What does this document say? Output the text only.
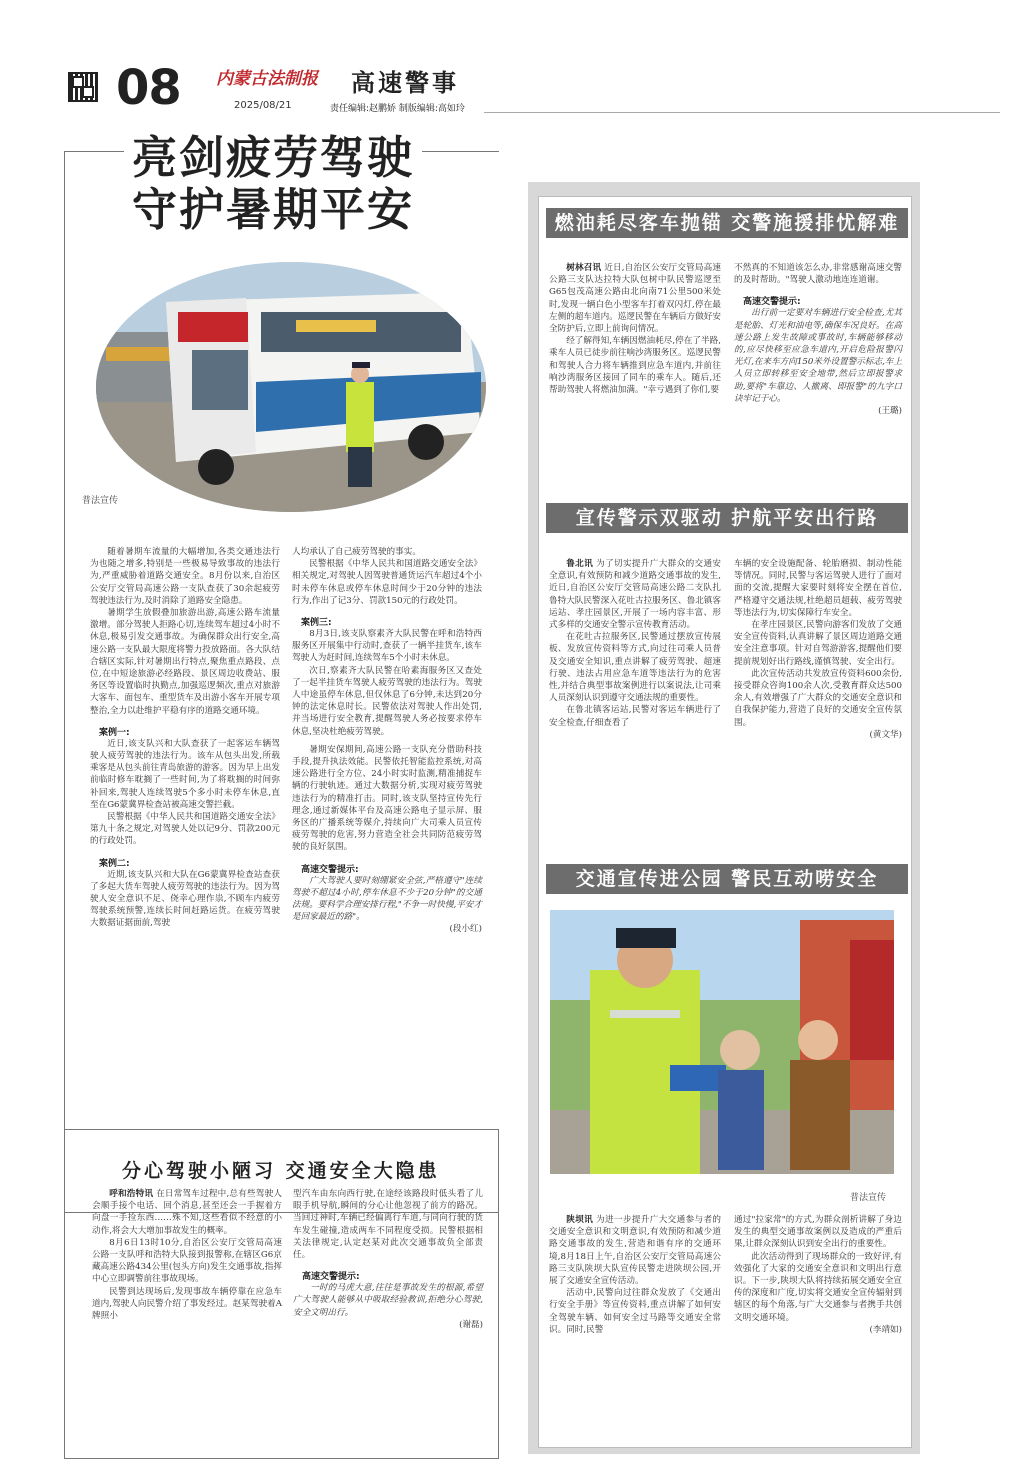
08 内蒙古法制报
2025/08/21
高速警事
责任编辑:赵鹏娇 制版编辑:高如玲
亮剑疲劳驾驶
守护暑期平安
普法宣传

随着暑期车流量的大幅增加,各类交通违法行为也随之增多,特别是一些极易导致事故的违法行为,严重威胁着道路交通安全。8月份以来,自治区公安厅交管局高速公路一支队查获了30余起疲劳驾驶违法行为,及时消除了道路安全隐患。

暑期学生放假叠加旅游出游,高速公路车流量激增。部分驾驶人拒路心切,连续驾车超过4小时不休息,极易引发交通事故。为确保群众出行安全,高速公路一支队最大限度将警力投放路面。各大队结合辖区实际,针对暑期出行特点,聚焦重点路段、点位,在中短途旅游必经路段、景区周边收费站、服务区等设置临时执勤点,加强巡逻频次,重点对旅游大客车、面包车、重型货车及出游小客车开展专项整治,全力以赴维护平稳有序的道路交通环境。

案例一:

近日,该支队兴和大队查获了一起客运车辆驾驶人疲劳驾驶的违法行为。该车从包头出发,所载乘客是从包头前往青岛旅游的游客。因为早上出发前临时修车耽搁了一些时间,为了将耽搁的时间弥补回来,驾驶人连续驾驶5个多小时未停车休息,直至在G6蒙冀界检查站被高速交警拦截。

民警根据《中华人民共和国道路交通安全法》第九十条之规定,对驾驶人处以记9分、罚款200元的行政处罚。

案例二:

近期,该支队兴和大队在G6蒙冀界检查站查获了多起大货车驾驶人疲劳驾驶的违法行为。因为驾驶人安全意识不足、侥幸心理作祟,不顾车内疲劳驾驶系统预警,连续长时间赶路运货。在疲劳驾驶大数据证据面前,驾驶

人均承认了自己疲劳驾驶的事实。

民警根据《中华人民共和国道路交通安全法》相关规定,对驾驶人因驾驶普通货运汽车超过4个小时未停车休息或停车休息时间少于20分钟的违法行为,作出了记3分、罚款150元的行政处罚。

案例三:

8月3日,该支队察素齐大队民警在呼和浩特西服务区开展集中行动时,查获了一辆半挂货车,该车驾驶人为赶时间,连续驾车5个小时未休息。

次日,察素齐大队民警在哈素海服务区又查处了一起半挂货车驾驶人疲劳驾驶的违法行为。驾驶人中途虽停车休息,但仅休息了6分钟,未达到20分钟的法定休息时长。民警依法对驾驶人作出处罚,并当场进行安全教育,提醒驾驶人务必按要求停车休息,坚决杜绝疲劳驾驶。

暑期安保期间,高速公路一支队充分借助科技手段,提升执法效能。民警依托智能监控系统,对高速公路进行全方位、24小时实时监测,精准捕捉车辆的行驶轨迹。通过大数据分析,实现对疲劳驾驶违法行为的精准打击。同时,该支队坚持宣传先行理念,通过新媒体平台及高速公路电子显示屏、服务区的广播系统等媒介,持续向广大司乘人员宣传疲劳驾驶的危害,努力营造全社会共同防范疲劳驾驶的良好氛围。

高速交警提示:

广大驾驶人要时刻绷紧安全弦,严格遵守"连续驾驶不超过4小时,停车休息不少于20分钟"的交通法规。要科学合理安排行程,"不争一时快慢,平安才是回家最近的路"。

(段小红)

燃油耗尽客车抛锚 交警施援排忧解难

树林召讯 近日,自治区公安厅交管局高速公路三支队达拉特大队包树中队民警巡逻至G65包茂高速公路由北向南71公里500米处时,发现一辆白色小型客车打着双闪灯,停在最左侧的超车道内。巡逻民警在车辆后方做好安全防护后,立即上前询问情况。

经了解得知,车辆因燃油耗尽,停在了半路,乘车人员已徒步前往响沙湾服务区。巡逻民警和驾驶人合力将车辆推到应急车道内,并前往响沙湾服务区接回了同车的乘车人。随后,还帮助驾驶人将燃油加满。"幸亏遇到了你们,要

不然真的不知道该怎么办,非常感谢高速交警的及时帮助。"驾驶人激动地连连道谢。

高速交警提示:

出行前一定要对车辆进行安全检查,尤其是轮胎、灯光和油电等,确保车况良好。在高速公路上发生故障或事故时,车辆能够移动的,应尽快移至应急车道内,开启危险报警闪光灯,在来车方向150米外设置警示标志,车上人员立即转移至安全地带,然后立即报警求助,要将"车靠边、人撤离、即报警"的九字口诀牢记于心。

(王璐)

宣传警示双驱动 护航平安出行路

鲁北讯 为了切实提升广大群众的交通安全意识,有效预防和减少道路交通事故的发生,近日,自治区公安厅交管局高速公路二支队扎鲁特大队民警深入花吐古拉服务区、鲁北镇客运站、孝庄园景区,开展了一场内容丰富、形式多样的交通安全警示宣传教育活动。

在花吐古拉服务区,民警通过摆放宣传展板、发放宣传资料等方式,向过往司乘人员普及交通安全知识,重点讲解了疲劳驾驶、超速行驶、违法占用应急车道等违法行为的危害性,并结合典型事故案例进行以案说法,让司乘人员深刻认识到遵守交通法规的重要性。

在鲁北镇客运站,民警对客运车辆进行了安全检查,仔细查看了

车辆的安全设施配备、轮胎磨损、制动性能等情况。同时,民警与客运驾驶人进行了面对面的交流,提醒大家要时刻将安全摆在首位,严格遵守交通法规,杜绝超员超载、疲劳驾驶等违法行为,切实保障行车安全。

在孝庄园景区,民警向游客们发放了交通安全宣传资料,认真讲解了景区周边道路交通安全注意事项。针对自驾游游客,提醒他们要提前规划好出行路线,谨慎驾驶、安全出行。

此次宣传活动共发放宣传资料600余份,接受群众咨询100余人次,受教育群众达500余人,有效增强了广大群众的交通安全意识和自我保护能力,营造了良好的交通安全宣传氛围。

(黄文华)

交通宣传进公园 警民互动唠安全
普法宣传

陕坝讯 为进一步提升广大交通参与者的交通安全意识和文明意识,有效预防和减少道路交通事故的发生,营造和谐有序的交通环境,8月18日上午,自治区公安厅交管局高速公路三支队陕坝大队宣传民警走进陕坝公园,开展了交通安全宣传活动。

活动中,民警向过往群众发放了《交通出行安全手册》等宣传资料,重点讲解了如何安全驾驶车辆、如何安全过马路等交通安全常识。同时,民警

通过"拉家常"的方式,为群众剖析讲解了身边发生的典型交通事故案例以及造成的严重后果,让群众深刻认识到安全出行的重要性。

此次活动得到了现场群众的一致好评,有效强化了大家的交通安全意识和文明出行意识。下一步,陕坝大队将持续拓展交通安全宣传的深度和广度,切实将交通安全宣传辐射到辖区的每个角落,与广大交通参与者携手共创文明交通环境。

(李靖如)

分心驾驶小陋习 交通安全大隐患

呼和浩特讯 在日常驾车过程中,总有些驾驶人会顺手接个电话、回个消息,甚至还会一手握着方向盘一手捡东西……殊不知,这些看似不经意的小动作,将会大大增加事故发生的概率。

8月6日13时10分,自治区公安厅交管局高速公路一支队呼和浩特大队接到报警称,在辖区G6京藏高速公路434公里(包头方向)发生交通事故,指挥中心立即调警前往事故现场。

民警到达现场后,发现事故车辆停靠在应急车道内,驾驶人向民警介绍了事发经过。赵某驾驶着A牌照小

型汽车由东向西行驶,在途经该路段时低头看了儿眼手机导航,瞬间的分心让他忽视了前方的路况。当回过神时,车辆已经偏离行车道,与同向行驶的货车发生碰撞,造成两车不同程度受损。民警根据相关法律规定,认定赵某对此次交通事故负全部责任。

高速交警提示:

一时的马虎大意,往往是事故发生的根源,希望广大驾驶人能够从中吸取经验教训,拒绝分心驾驶,安全文明出行。

(谢磊)
